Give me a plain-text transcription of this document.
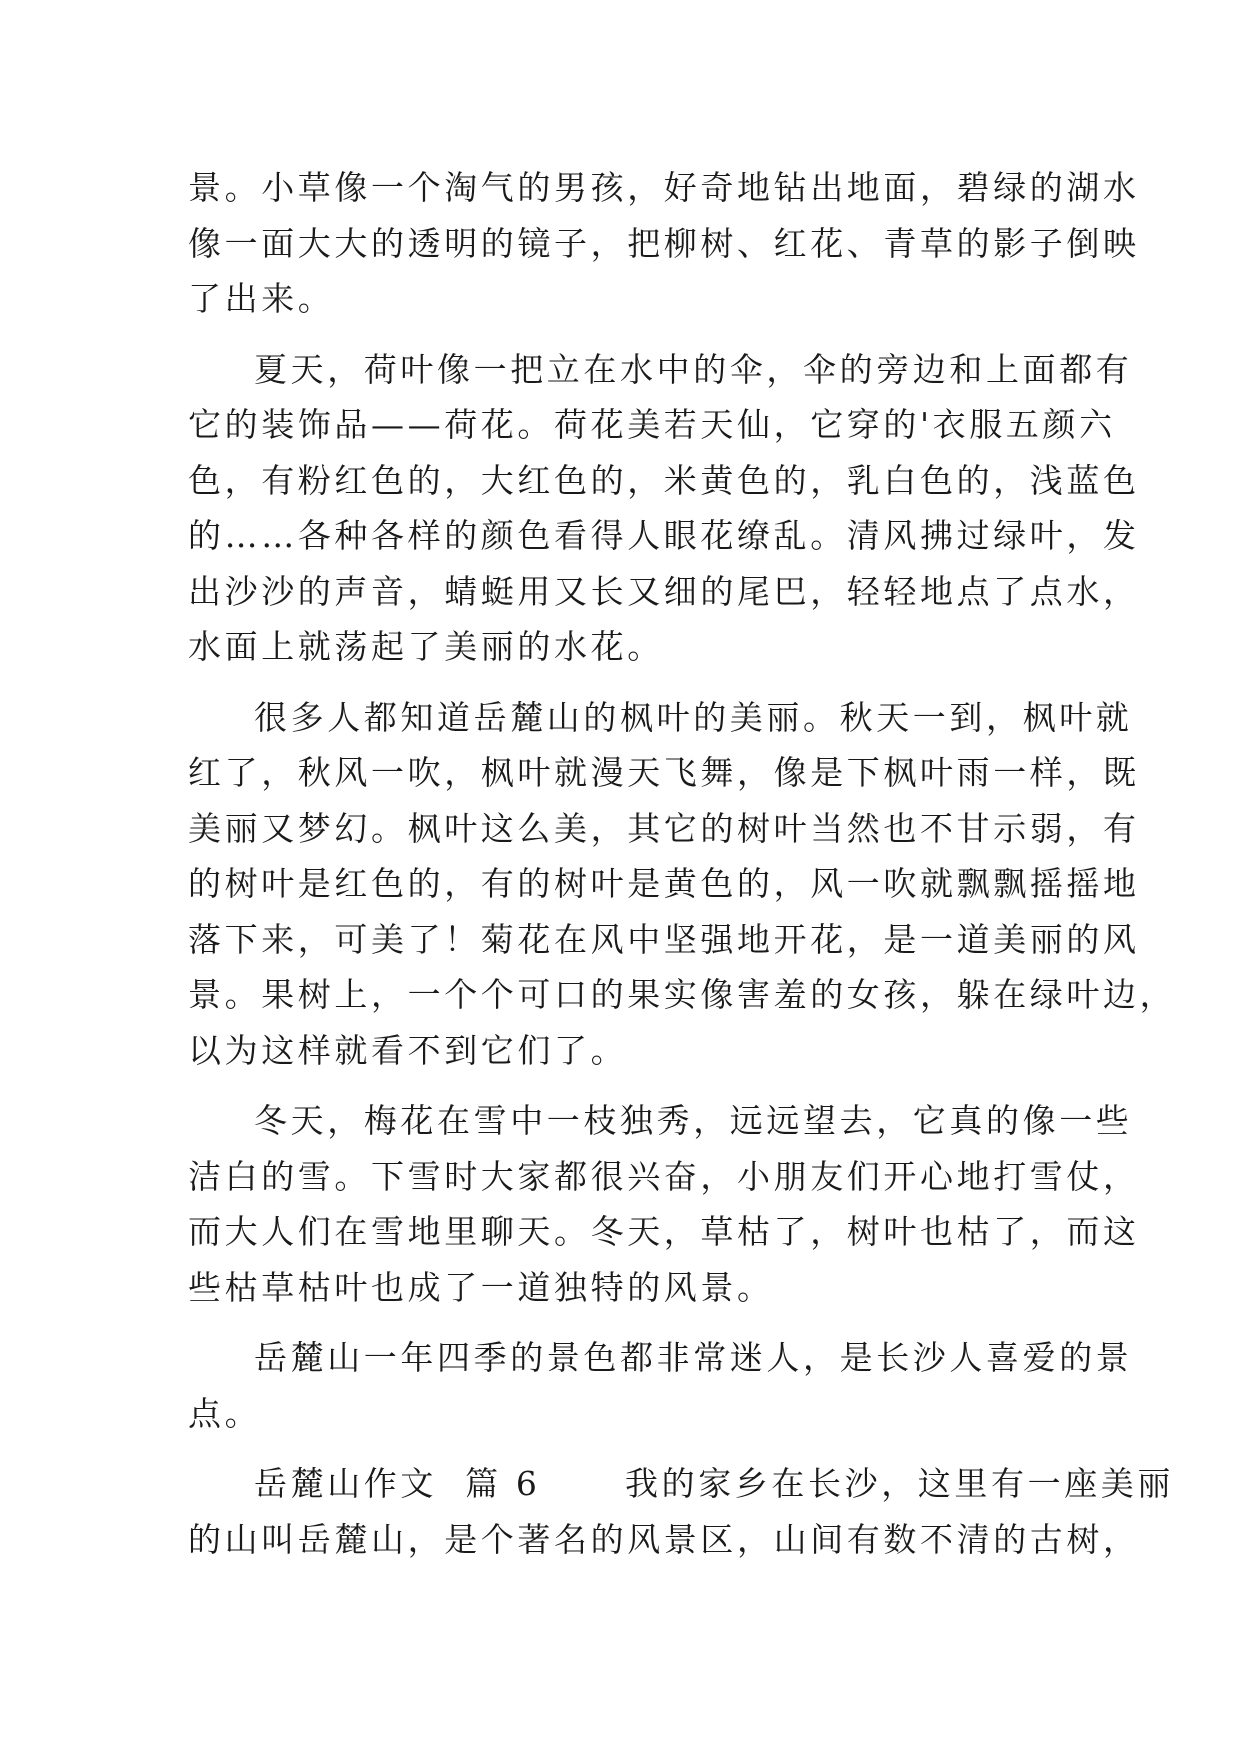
景。小草像一个淘气的男孩，好奇地钻出地面，碧绿的湖水
像一面大大的透明的镜子，把柳树、红花、青草的影子倒映
了出来。
夏天，荷叶像一把立在水中的伞，伞的旁边和上面都有
它的装饰品——荷花。荷花美若天仙，它穿的'衣服五颜六
色，有粉红色的，大红色的，米黄色的，乳白色的，浅蓝色
的……各种各样的颜色看得人眼花缭乱。清风拂过绿叶，发
出沙沙的声音，蜻蜓用又长又细的尾巴，轻轻地点了点水，
水面上就荡起了美丽的水花。
很多人都知道岳麓山的枫叶的美丽。秋天一到，枫叶就
红了，秋风一吹，枫叶就漫天飞舞，像是下枫叶雨一样，既
美丽又梦幻。枫叶这么美，其它的树叶当然也不甘示弱，有
的树叶是红色的，有的树叶是黄色的，风一吹就飘飘摇摇地
落下来，可美了！菊花在风中坚强地开花，是一道美丽的风
景。果树上，一个个可口的果实像害羞的女孩，躲在绿叶边，
以为这样就看不到它们了。
冬天，梅花在雪中一枝独秀，远远望去，它真的像一些
洁白的雪。下雪时大家都很兴奋，小朋友们开心地打雪仗，
而大人们在雪地里聊天。冬天，草枯了，树叶也枯了，而这
些枯草枯叶也成了一道独特的风景。
岳麓山一年四季的景色都非常迷人，是长沙人喜爱的景
点。
岳麓山作文  篇 6      我的家乡在长沙，这里有一座美丽
的山叫岳麓山，是个著名的风景区，山间有数不清的古树，
